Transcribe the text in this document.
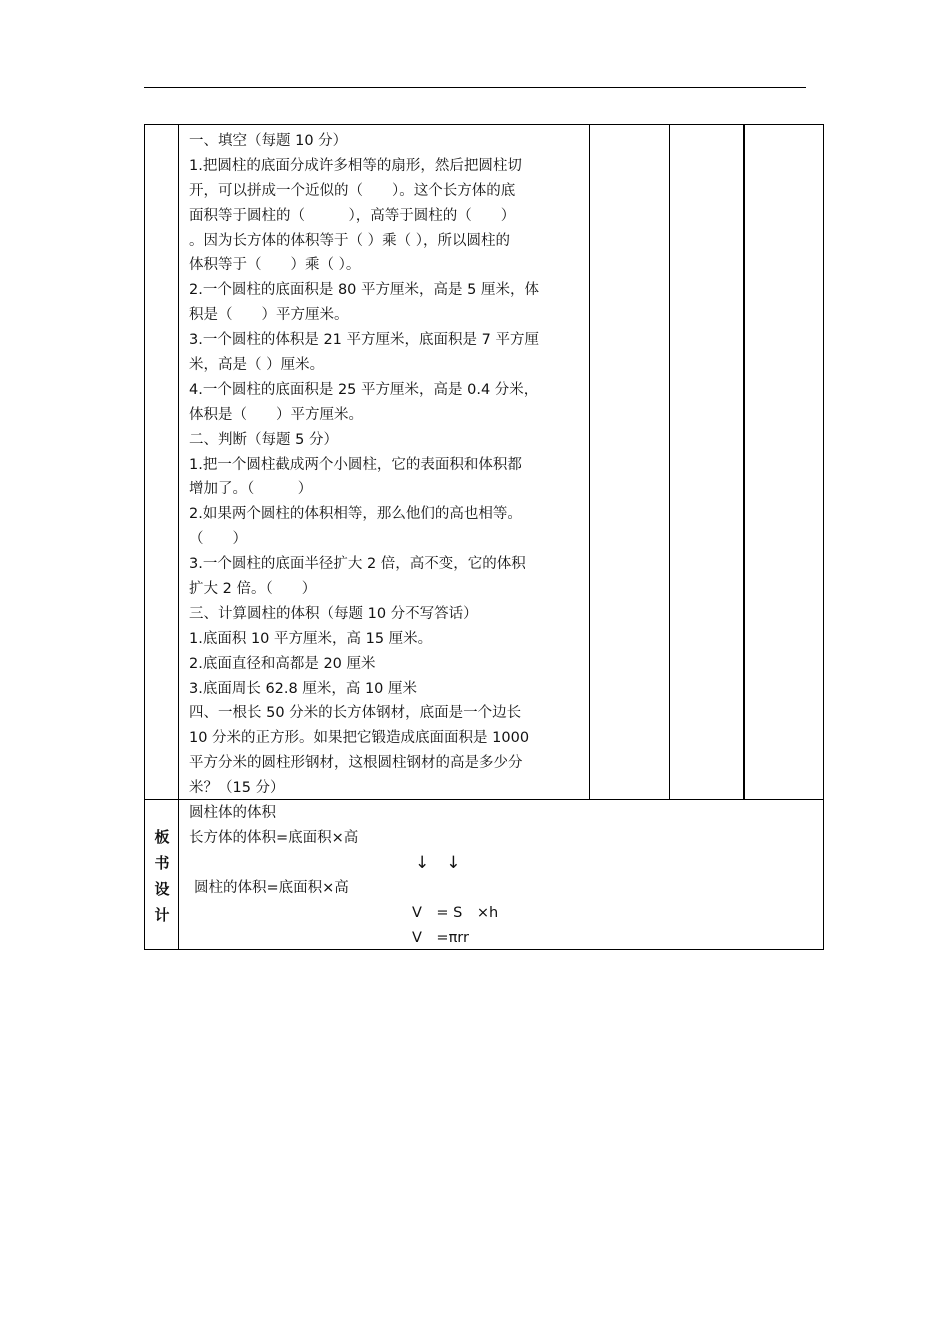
一、填空（每题 10 分）
1.把圆柱的底面分成许多相等的扇形，然后把圆柱切
开，可以拼成一个近似的（　　）。这个长方体的底
面积等于圆柱的（　　　），高等于圆柱的（　　）
。因为长方体的体积等于（ ）乘（ ），所以圆柱的
体积等于（　　）乘（ ）。
2.一个圆柱的底面积是 80 平方厘米，高是 5 厘米，体
积是（　　）平方厘米。
3.一个圆柱的体积是 21 平方厘米，底面积是 7 平方厘
米，高是（ ）厘米。
4.一个圆柱的底面积是 25 平方厘米，高是 0.4 分米，
体积是（　　）平方厘米。
二、判断（每题 5 分）
1.把一个圆柱截成两个小圆柱，它的表面积和体积都
增加了。（　　　）
2.如果两个圆柱的体积相等，那么他们的高也相等。
（　　）
3.一个圆柱的底面半径扩大 2 倍，高不变，它的体积
扩大 2 倍。（　　）
三、计算圆柱的体积（每题 10 分不写答话）
1.底面积 10 平方厘米，高 15 厘米。
2.底面直径和高都是 20 厘米
3.底面周长 62.8 厘米，高 10 厘米
四、一根长 50 分米的长方体钢材，底面是一个边长
10 分米的正方形。如果把它锻造成底面面积是 1000
平方分米的圆柱形钢材，这根圆柱钢材的高是多少分
米？（15 分）
板书设计
圆柱体的体积
长方体的体积=底面积×高
↓　↓
圆柱的体积=底面积×高
V　= S　×h
V　=πrr
